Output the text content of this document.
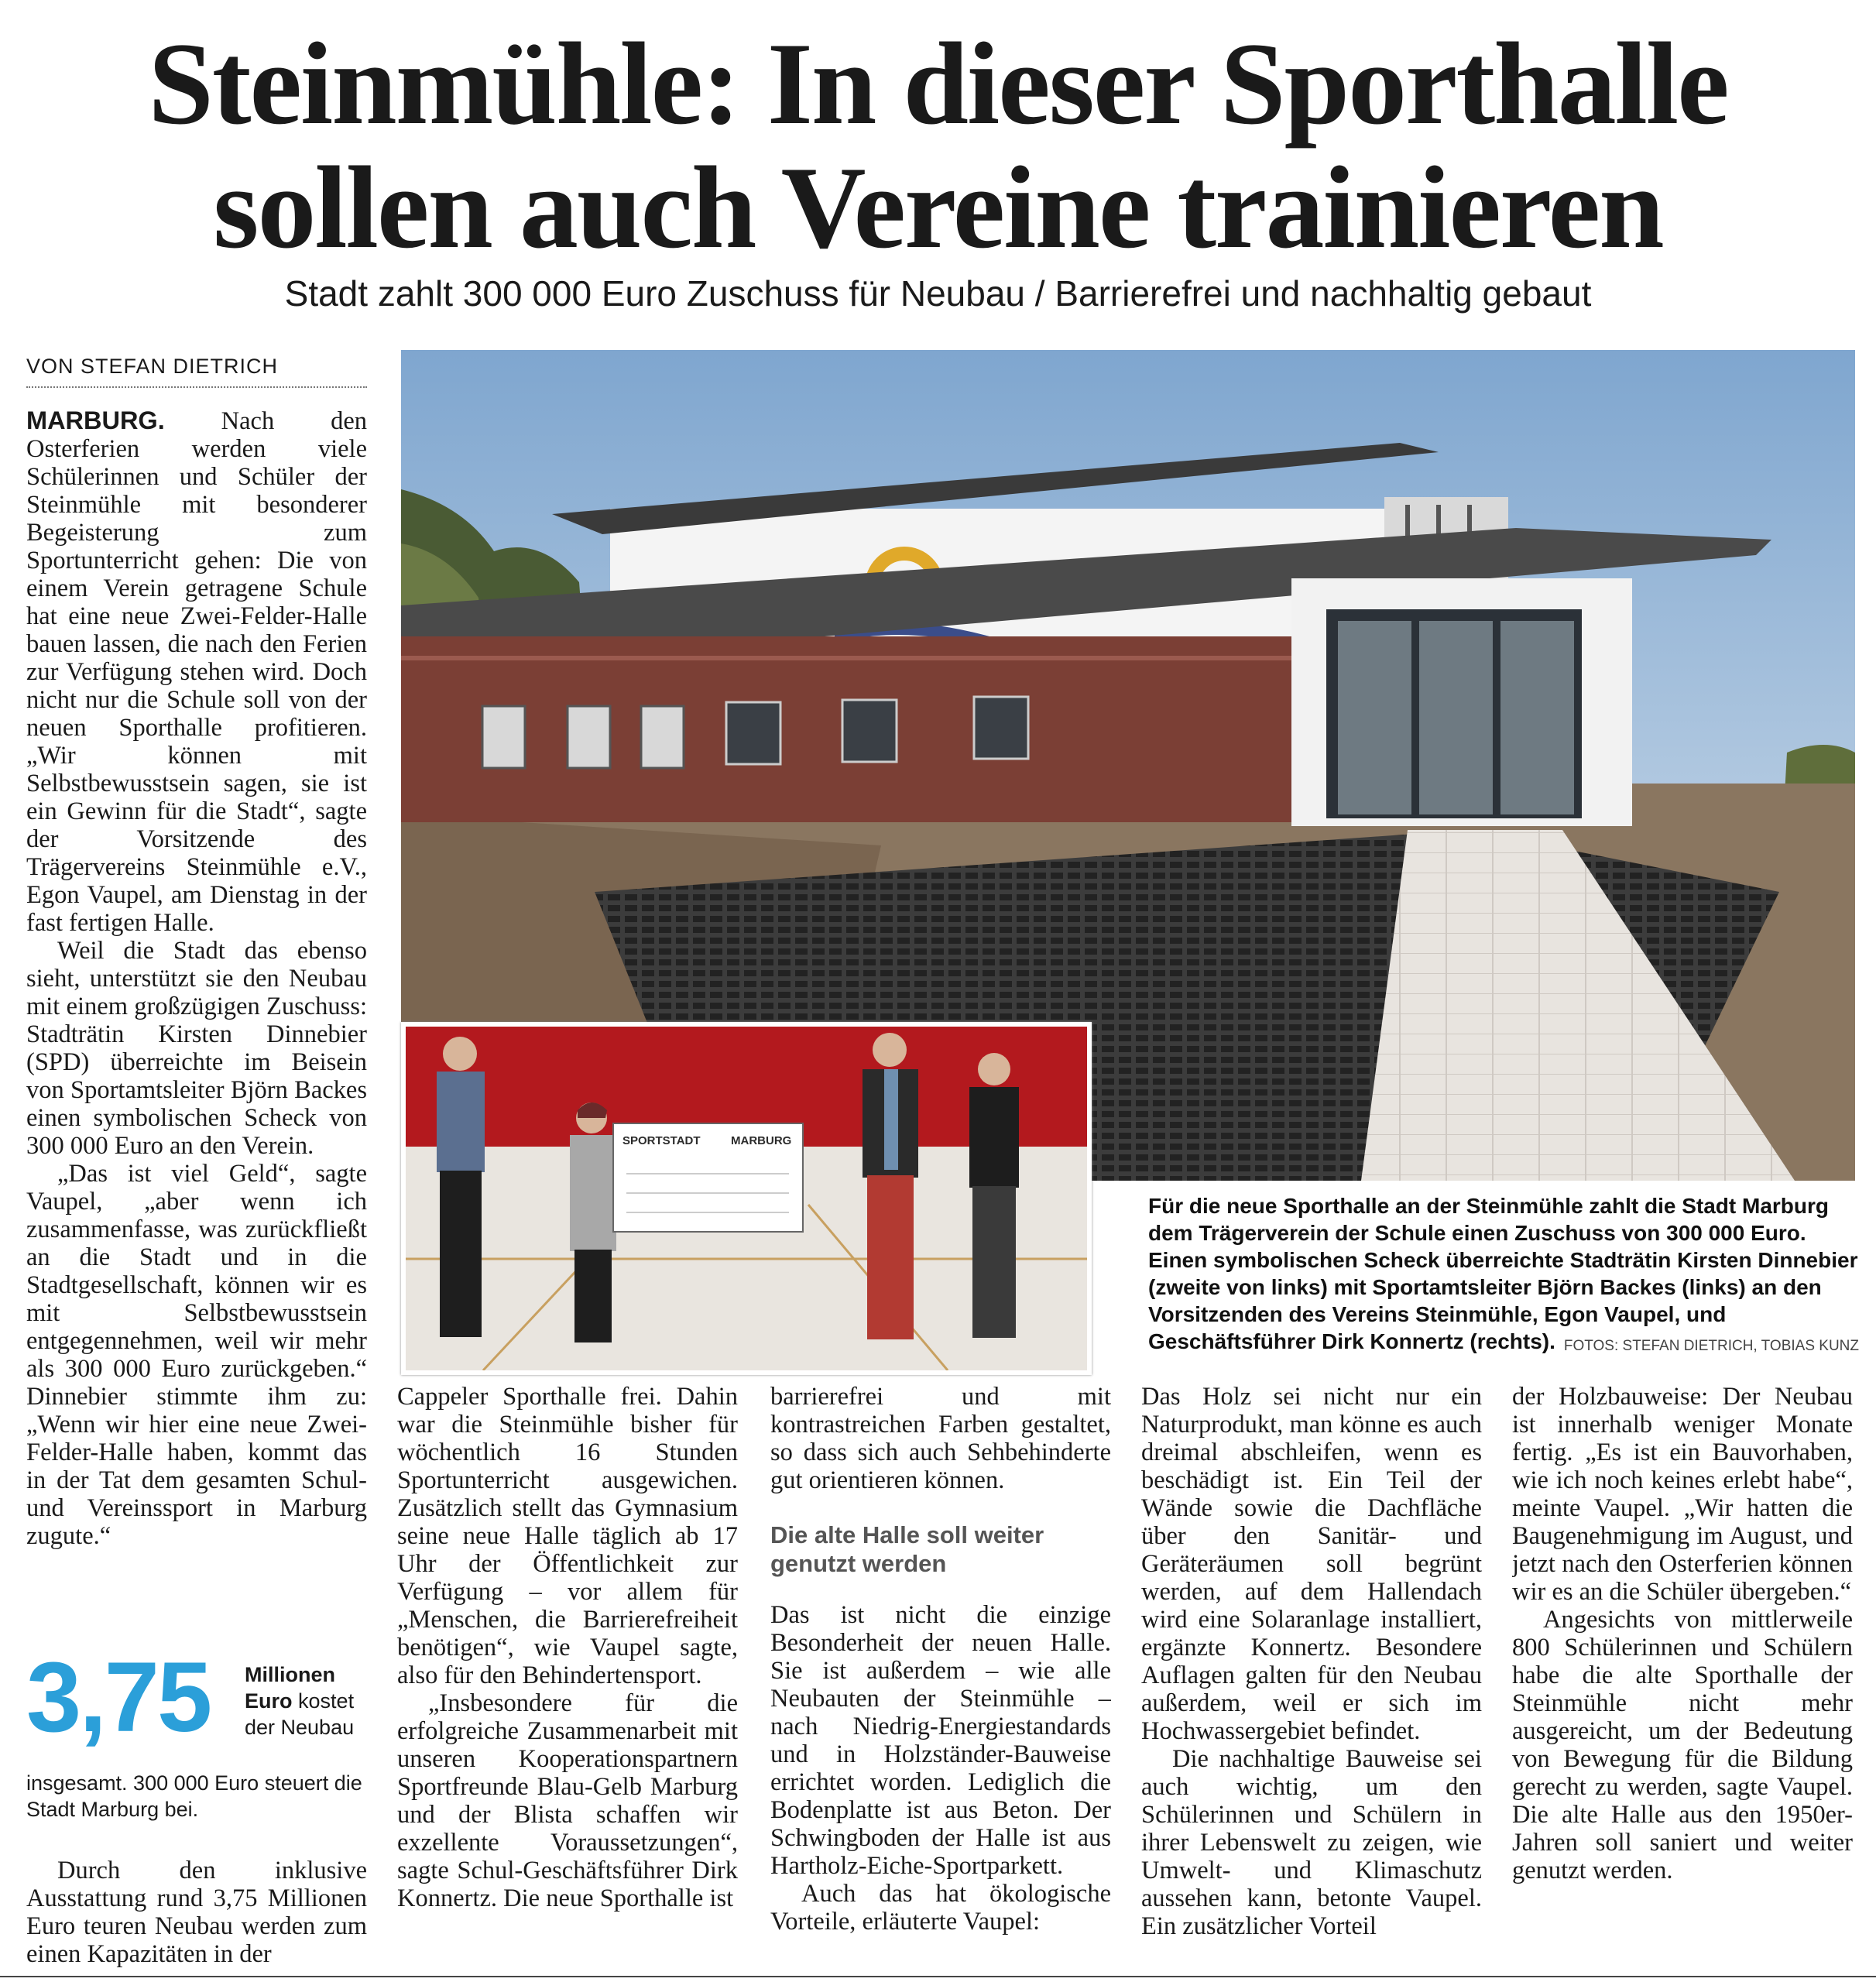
Steinmühle: In dieser Sporthalle
sollen auch Vereine trainieren
Stadt zahlt 300 000 Euro Zuschuss für Neubau / Barrierefrei und nachhaltig gebaut
VON STEFAN DIETRICH

MARBURG. Nach den Osterferien werden viele Schülerinnen und Schüler der Steinmühle mit besonderer Begeisterung zum Sportunterricht gehen: Die von einem Verein getragene Schule hat eine neue Zwei-Felder-Halle bauen lassen, die nach den Ferien zur Verfügung stehen wird. Doch nicht nur die Schule soll von der neuen Sporthalle profitieren. „Wir können mit Selbstbewusstsein sagen, sie ist ein Gewinn für die Stadt“, sagte der Vorsitzende des Trägervereins Steinmühle e.V., Egon Vaupel, am Dienstag in der fast fertigen Halle.

Weil die Stadt das ebenso sieht, unterstützt sie den Neubau mit einem großzügigen Zuschuss: Stadträtin Kirsten Dinnebier (SPD) überreichte im Beisein von Sportamtsleiter Björn Backes einen symbolischen Scheck von 300 000 Euro an den Verein.

„Das ist viel Geld“, sagte Vaupel, „aber wenn ich zusammenfasse, was zurückfließt an die Stadt und in die Stadtgesellschaft, können wir es mit Selbstbewusstsein entgegennehmen, weil wir mehr als 300 000 Euro zurückgeben.“ Dinnebier stimmte ihm zu: „Wenn wir hier eine neue Zwei-Felder-Halle haben, kommt das in der Tat dem gesamten Schul- und Vereinssport in Marburg zugute.“

3,75 Millionen Euro kostet der Neubau
insgesamt. 300 000 Euro steuert die Stadt Marburg bei.

Durch den inklusive Ausstattung rund 3,75 Millionen Euro teuren Neubau werden zum einen Kapazitäten in der

SPORTSTADT	MARBURG
Für die neue Sporthalle an der Steinmühle zahlt die Stadt Marburg dem Trägerverein der Schule einen Zuschuss von 300 000 Euro. Einen symbolischen Scheck überreichte Stadträtin Kirsten Dinnebier (zweite von links) mit Sportamtsleiter Björn Backes (links) an den Vorsitzenden des Vereins Steinmühle, Egon Vaupel, und Geschäftsführer Dirk Konnertz (rechts). FOTOS: STEFAN DIETRICH, TOBIAS KUNZ

Cappeler Sporthalle frei. Dahin war die Steinmühle bisher für wöchentlich 16 Stunden Sportunterricht ausgewichen. Zusätzlich stellt das Gymnasium seine neue Halle täglich ab 17 Uhr der Öffentlichkeit zur Verfügung – vor allem für „Menschen, die Barrierefreiheit benötigen“, wie Vaupel sagte, also für den Behindertensport.

„Insbesondere für die erfolgreiche Zusammenarbeit mit unseren Kooperationspartnern Sportfreunde Blau-Gelb Marburg und der Blista schaffen wir exzellente Voraussetzungen“, sagte Schul-Geschäftsführer Dirk Konnertz. Die neue Sporthalle ist

barrierefrei und mit kontrastreichen Farben gestaltet, so dass sich auch Sehbehinderte gut orientieren können.

Die alte Halle soll weiter genutzt werden

Das ist nicht die einzige Besonderheit der neuen Halle. Sie ist außerdem – wie alle Neubauten der Steinmühle – nach Niedrig-Energiestandards und in Holzständer-Bauweise errichtet worden. Lediglich die Bodenplatte ist aus Beton. Der Schwingboden der Halle ist aus Hartholz-Eiche-Sportparkett.

Auch das hat ökologische Vorteile, erläuterte Vaupel:

Das Holz sei nicht nur ein Naturprodukt, man könne es auch dreimal abschleifen, wenn es beschädigt ist. Ein Teil der Wände sowie die Dachfläche über den Sanitär- und Geräteräumen soll begrünt werden, auf dem Hallendach wird eine Solaranlage installiert, ergänzte Konnertz. Besondere Auflagen galten für den Neubau außerdem, weil er sich im Hochwassergebiet befindet.

Die nachhaltige Bauweise sei auch wichtig, um den Schülerinnen und Schülern in ihrer Lebenswelt zu zeigen, wie Umwelt- und Klimaschutz aussehen kann, betonte Vaupel. Ein zusätzlicher Vorteil

der Holzbauweise: Der Neubau ist innerhalb weniger Monate fertig. „Es ist ein Bauvorhaben, wie ich noch keines erlebt habe“, meinte Vaupel. „Wir hatten die Baugenehmigung im August, und jetzt nach den Osterferien können wir es an die Schüler übergeben.“

Angesichts von mittlerweile 800 Schülerinnen und Schülern habe die alte Sporthalle der Steinmühle nicht mehr ausgereicht, um der Bedeutung von Bewegung für die Bildung gerecht zu werden, sagte Vaupel. Die alte Halle aus den 1950er-Jahren soll saniert und weiter genutzt werden.
